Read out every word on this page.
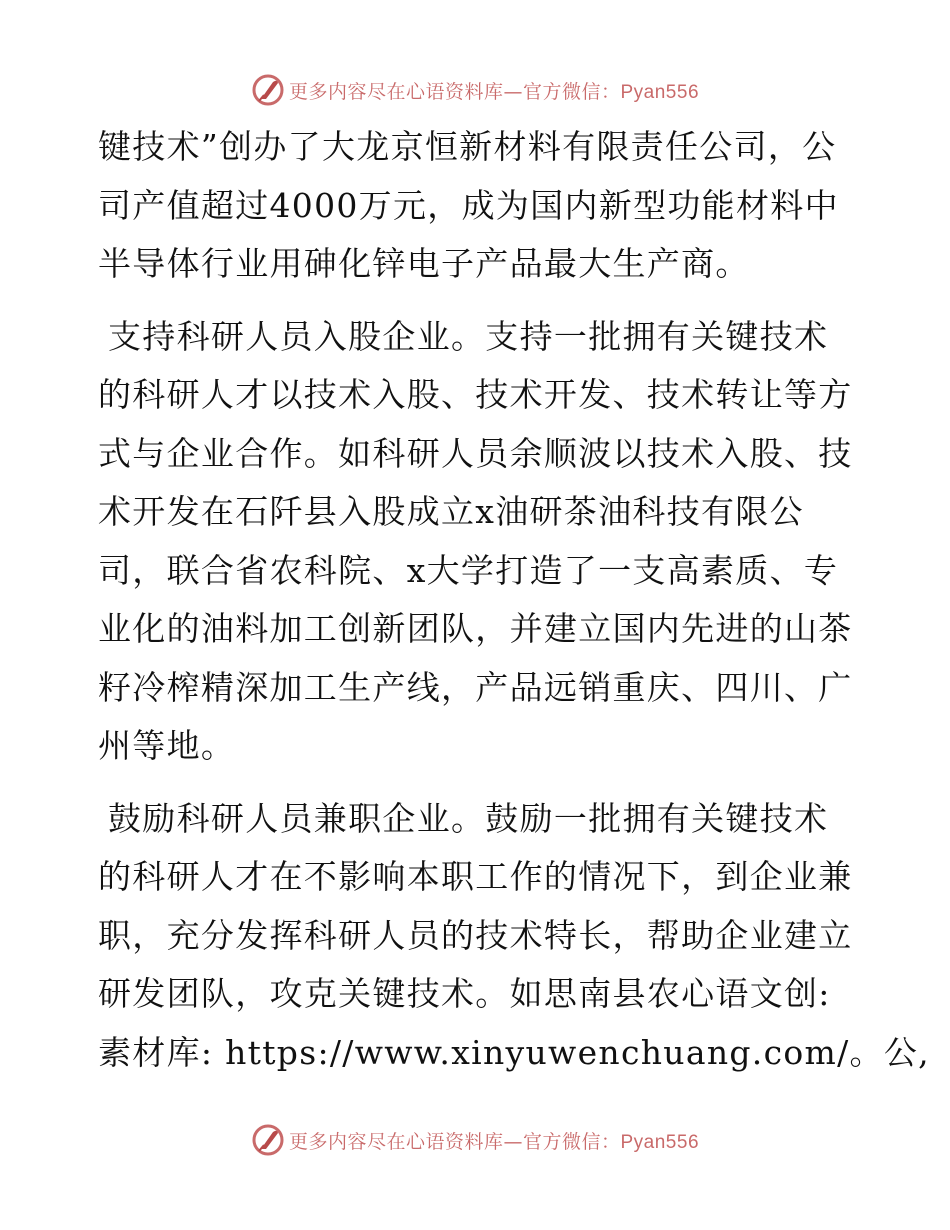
更多内容尽在心语资料库—官方微信：Pyan556
键技术”创办了大龙京恒新材料有限责任公司，公
司产值超过4000万元，成为国内新型功能材料中
半导体行业用砷化锌电子产品最大生产商。
支持科研人员入股企业。支持一批拥有关键技术
的科研人才以技术入股、技术开发、技术转让等方
式与企业合作。如科研人员余顺波以技术入股、技
术开发在石阡县入股成立x油研茶油科技有限公
司，联合省农科院、x大学打造了一支高素质、专
业化的油料加工创新团队，并建立国内先进的山茶
籽冷榨精深加工生产线，产品远销重庆、四川、广
州等地。
鼓励科研人员兼职企业。鼓励一批拥有关键技术
的科研人才在不影响本职工作的情况下，到企业兼
职，充分发挥科研人员的技术特长，帮助企业建立
研发团队，攻克关键技术。如思南县农心语文创:
素材库: https://www.xinyuwenchuang.com/。公,
更多内容尽在心语资料库—官方微信：Pyan556
